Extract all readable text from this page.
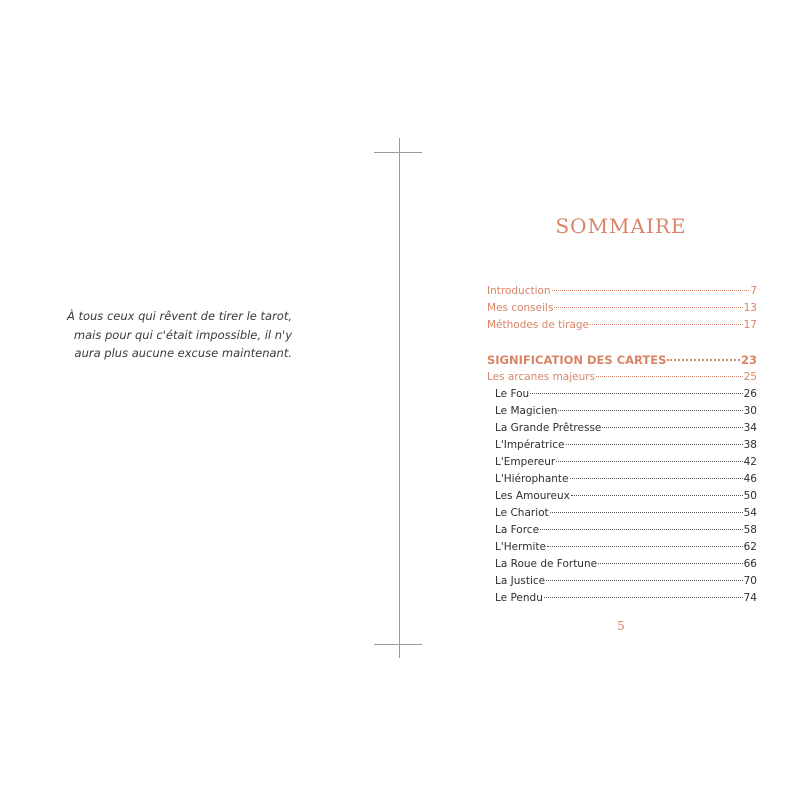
À tous ceux qui rêvent de tirer le tarot,
mais pour qui c'était impossible, il n'y
aura plus aucune excuse maintenant.
SOMMAIRE
Introduction	7
Mes conseils	13
Méthodes de tirage	17
SIGNIFICATION DES CARTES	23
Les arcanes majeurs	25
Le Fou	26
Le Magicien	30
La Grande Prêtresse	34
L'Impératrice	38
L'Empereur	42
L'Hiérophante	46
Les Amoureux	50
Le Chariot	54
La Force	58
L'Hermite	62
La Roue de Fortune	66
La Justice	70
Le Pendu	74
5
